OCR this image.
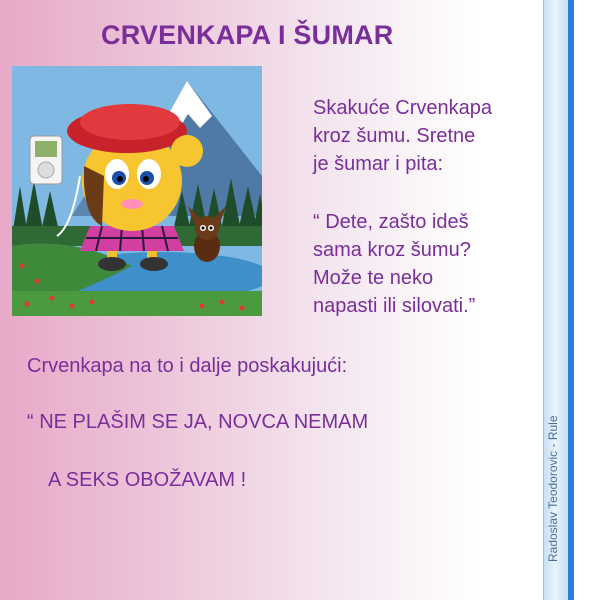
CRVENKAPA I ŠUMAR
Skakuće Crvenkapa
kroz šumu. Sretne
je šumar i pita:
“ Dete, zašto ideš
sama kroz šumu?
Može te neko
napasti ili silovati.”
Crvenkapa na to i dalje poskakujući:
“ NE PLAŠIM SE JA, NOVCA NEMAM
A SEKS OBOŽAVAM !	Radoslav Teodorovic - Rule
